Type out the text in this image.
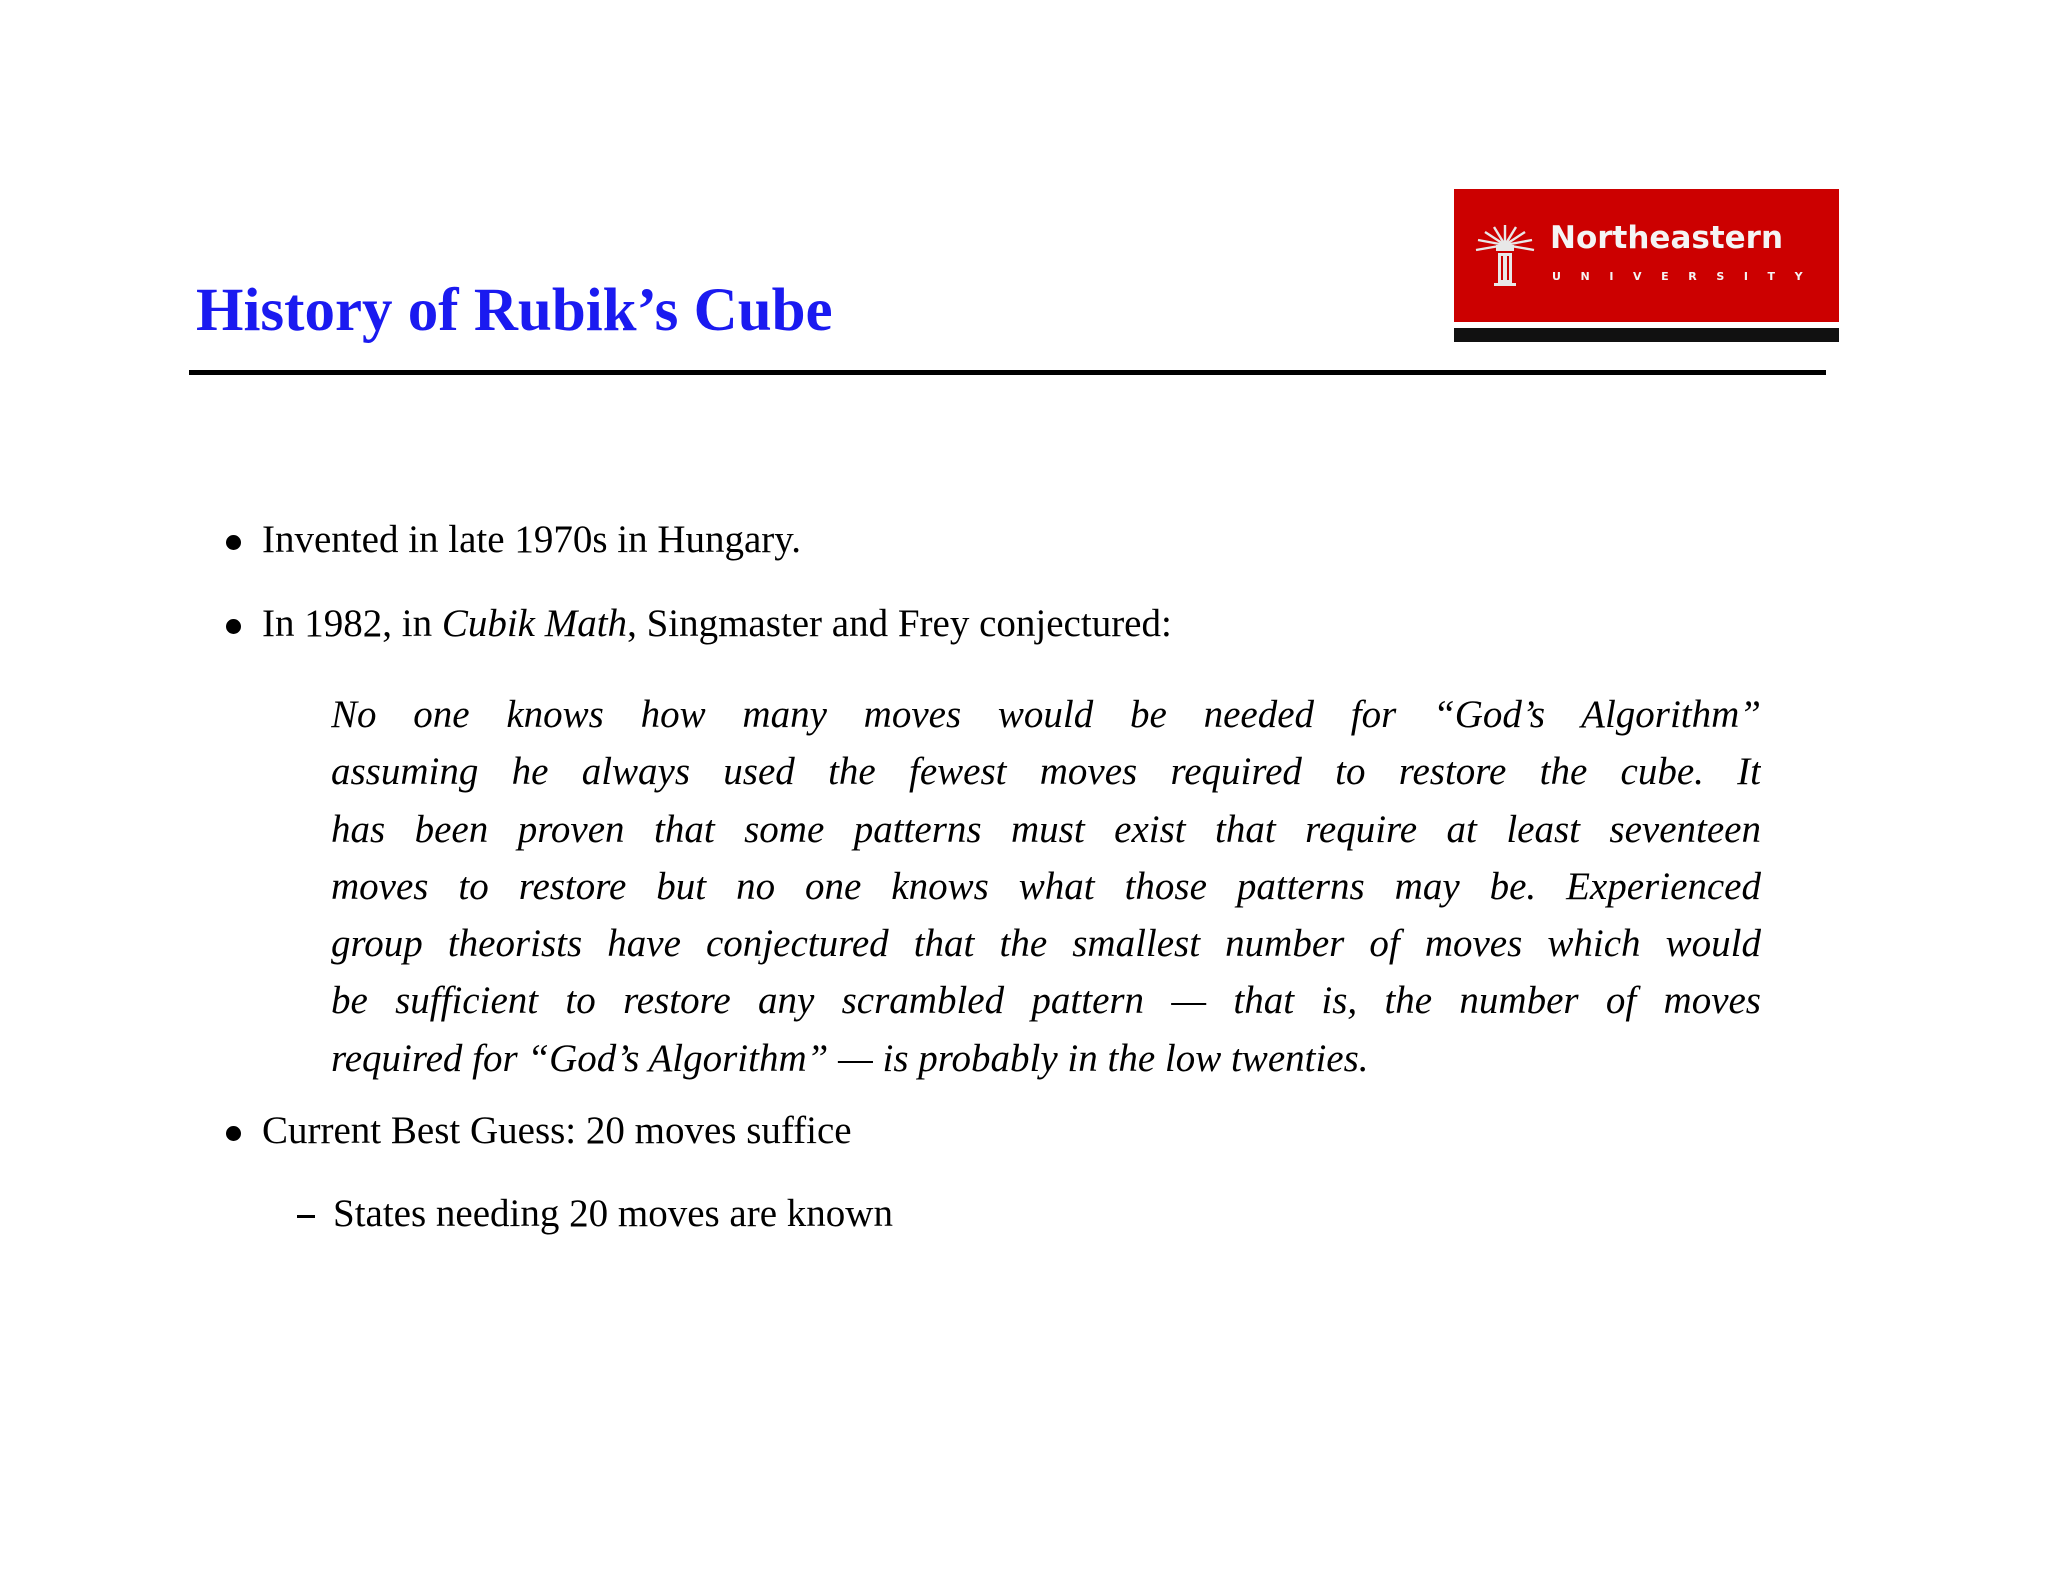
History of Rubik’s Cube
Northeastern
UNIVERSITY
Invented in late 1970s in Hungary.
In 1982, in Cubik Math, Singmaster and Frey conjectured:
No one knows how many moves would be needed for “God’s Algorithm”
assuming he always used the fewest moves required to restore the cube. It
has been proven that some patterns must exist that require at least seventeen
moves to restore but no one knows what those patterns may be. Experienced
group theorists have conjectured that the smallest number of moves which would
be sufficient to restore any scrambled pattern — that is, the number of moves
required for “God’s Algorithm” — is probably in the low twenties.
Current Best Guess: 20 moves suffice
States needing 20 moves are known
